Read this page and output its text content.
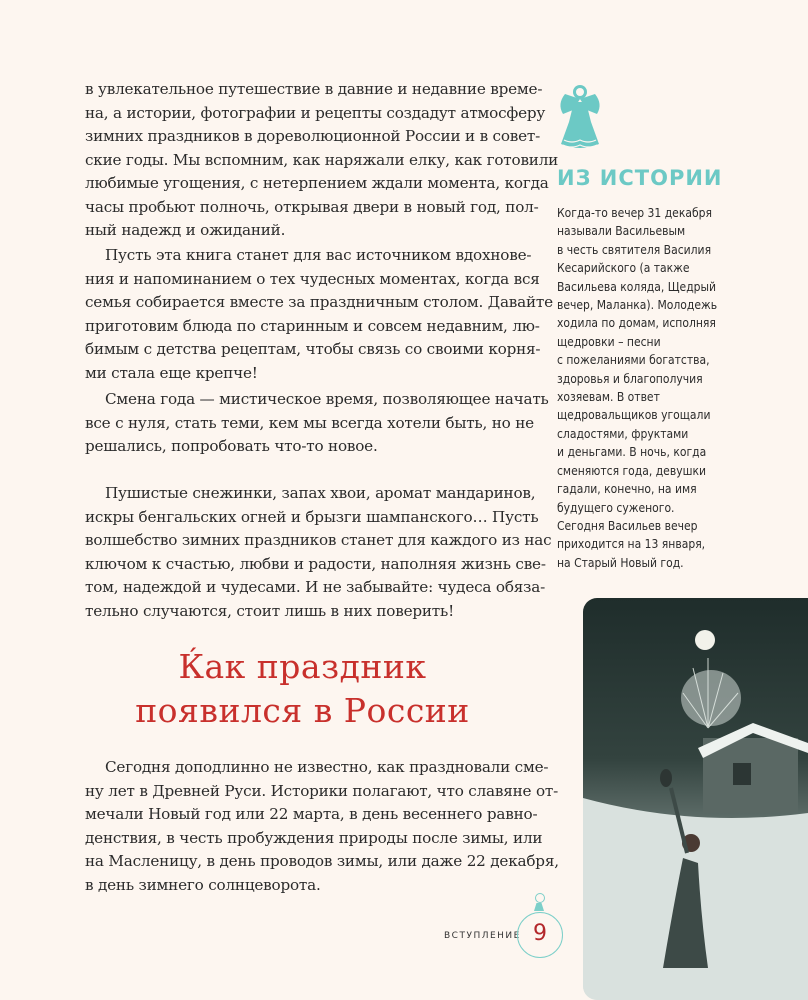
в увлекательное путешествие в давние и недавние време-
на, а истории, фотографии и рецепты создадут атмосферу
зимних праздников в дореволюционной России и в совет-
ские годы. Мы вспомним, как наряжали елку, как готовили
любимые угощения, с нетерпением ждали момента, когда
часы пробьют полночь, открывая двери в новый год, пол-
ный надежд и ожиданий.
Пусть эта книга станет для вас источником вдохнове-
ния и напоминанием о тех чудесных моментах, когда вся
семья собирается вместе за праздничным столом. Давайте
приготовим блюда по старинным и совсем недавним, лю-
бимым с детства рецептам, чтобы связь со своими корня-
ми стала еще крепче!
Смена года — мистическое время, позволяющее начать
все с нуля, стать теми, кем мы всегда хотели быть, но не
решались, попробовать что-то новое.
Пушистые снежинки, запах хвои, аромат мандаринов,
искры бенгальских огней и брызги шампанского… Пусть
волшебство зимних праздников станет для каждого из нас
ключом к счастью, любви и радости, наполняя жизнь све-
том, надеждой и чудесами. И не забывайте: чудеса обяза-
тельно случаются, стоит лишь в них поверить!
Ќак праздник
появился в России
Сегодня доподлинно не известно, как праздновали сме-
ну лет в Древней Руси. Историки полагают, что славяне от-
мечали Новый год или 22 марта, в день весеннего равно-
денствия, в честь пробуждения природы после зимы, или
на Масленицу, в день проводов зимы, или даже 22 декабря,
в день зимнего солнцеворота.
ИЗ ИСТОРИИ
Когда-то вечер 31 декабря
называли Васильевым
в честь святителя Василия
Кесарийского (а также
Васильева коляда, Щедрый
вечер, Маланка). Молодежь
ходила по домам, исполняя
щедровки – песни
с пожеланиями богатства,
здоровья и благополучия
хозяевам. В ответ
щедровальщиков угощали
сладостями, фруктами
и деньгами. В ночь, когда
сменяются года, девушки
гадали, конечно, на имя
будущего суженого.
Сегодня Васильев вечер
приходится на 13 января,
на Старый Новый год.
ВСТУПЛЕНИЕ 9
